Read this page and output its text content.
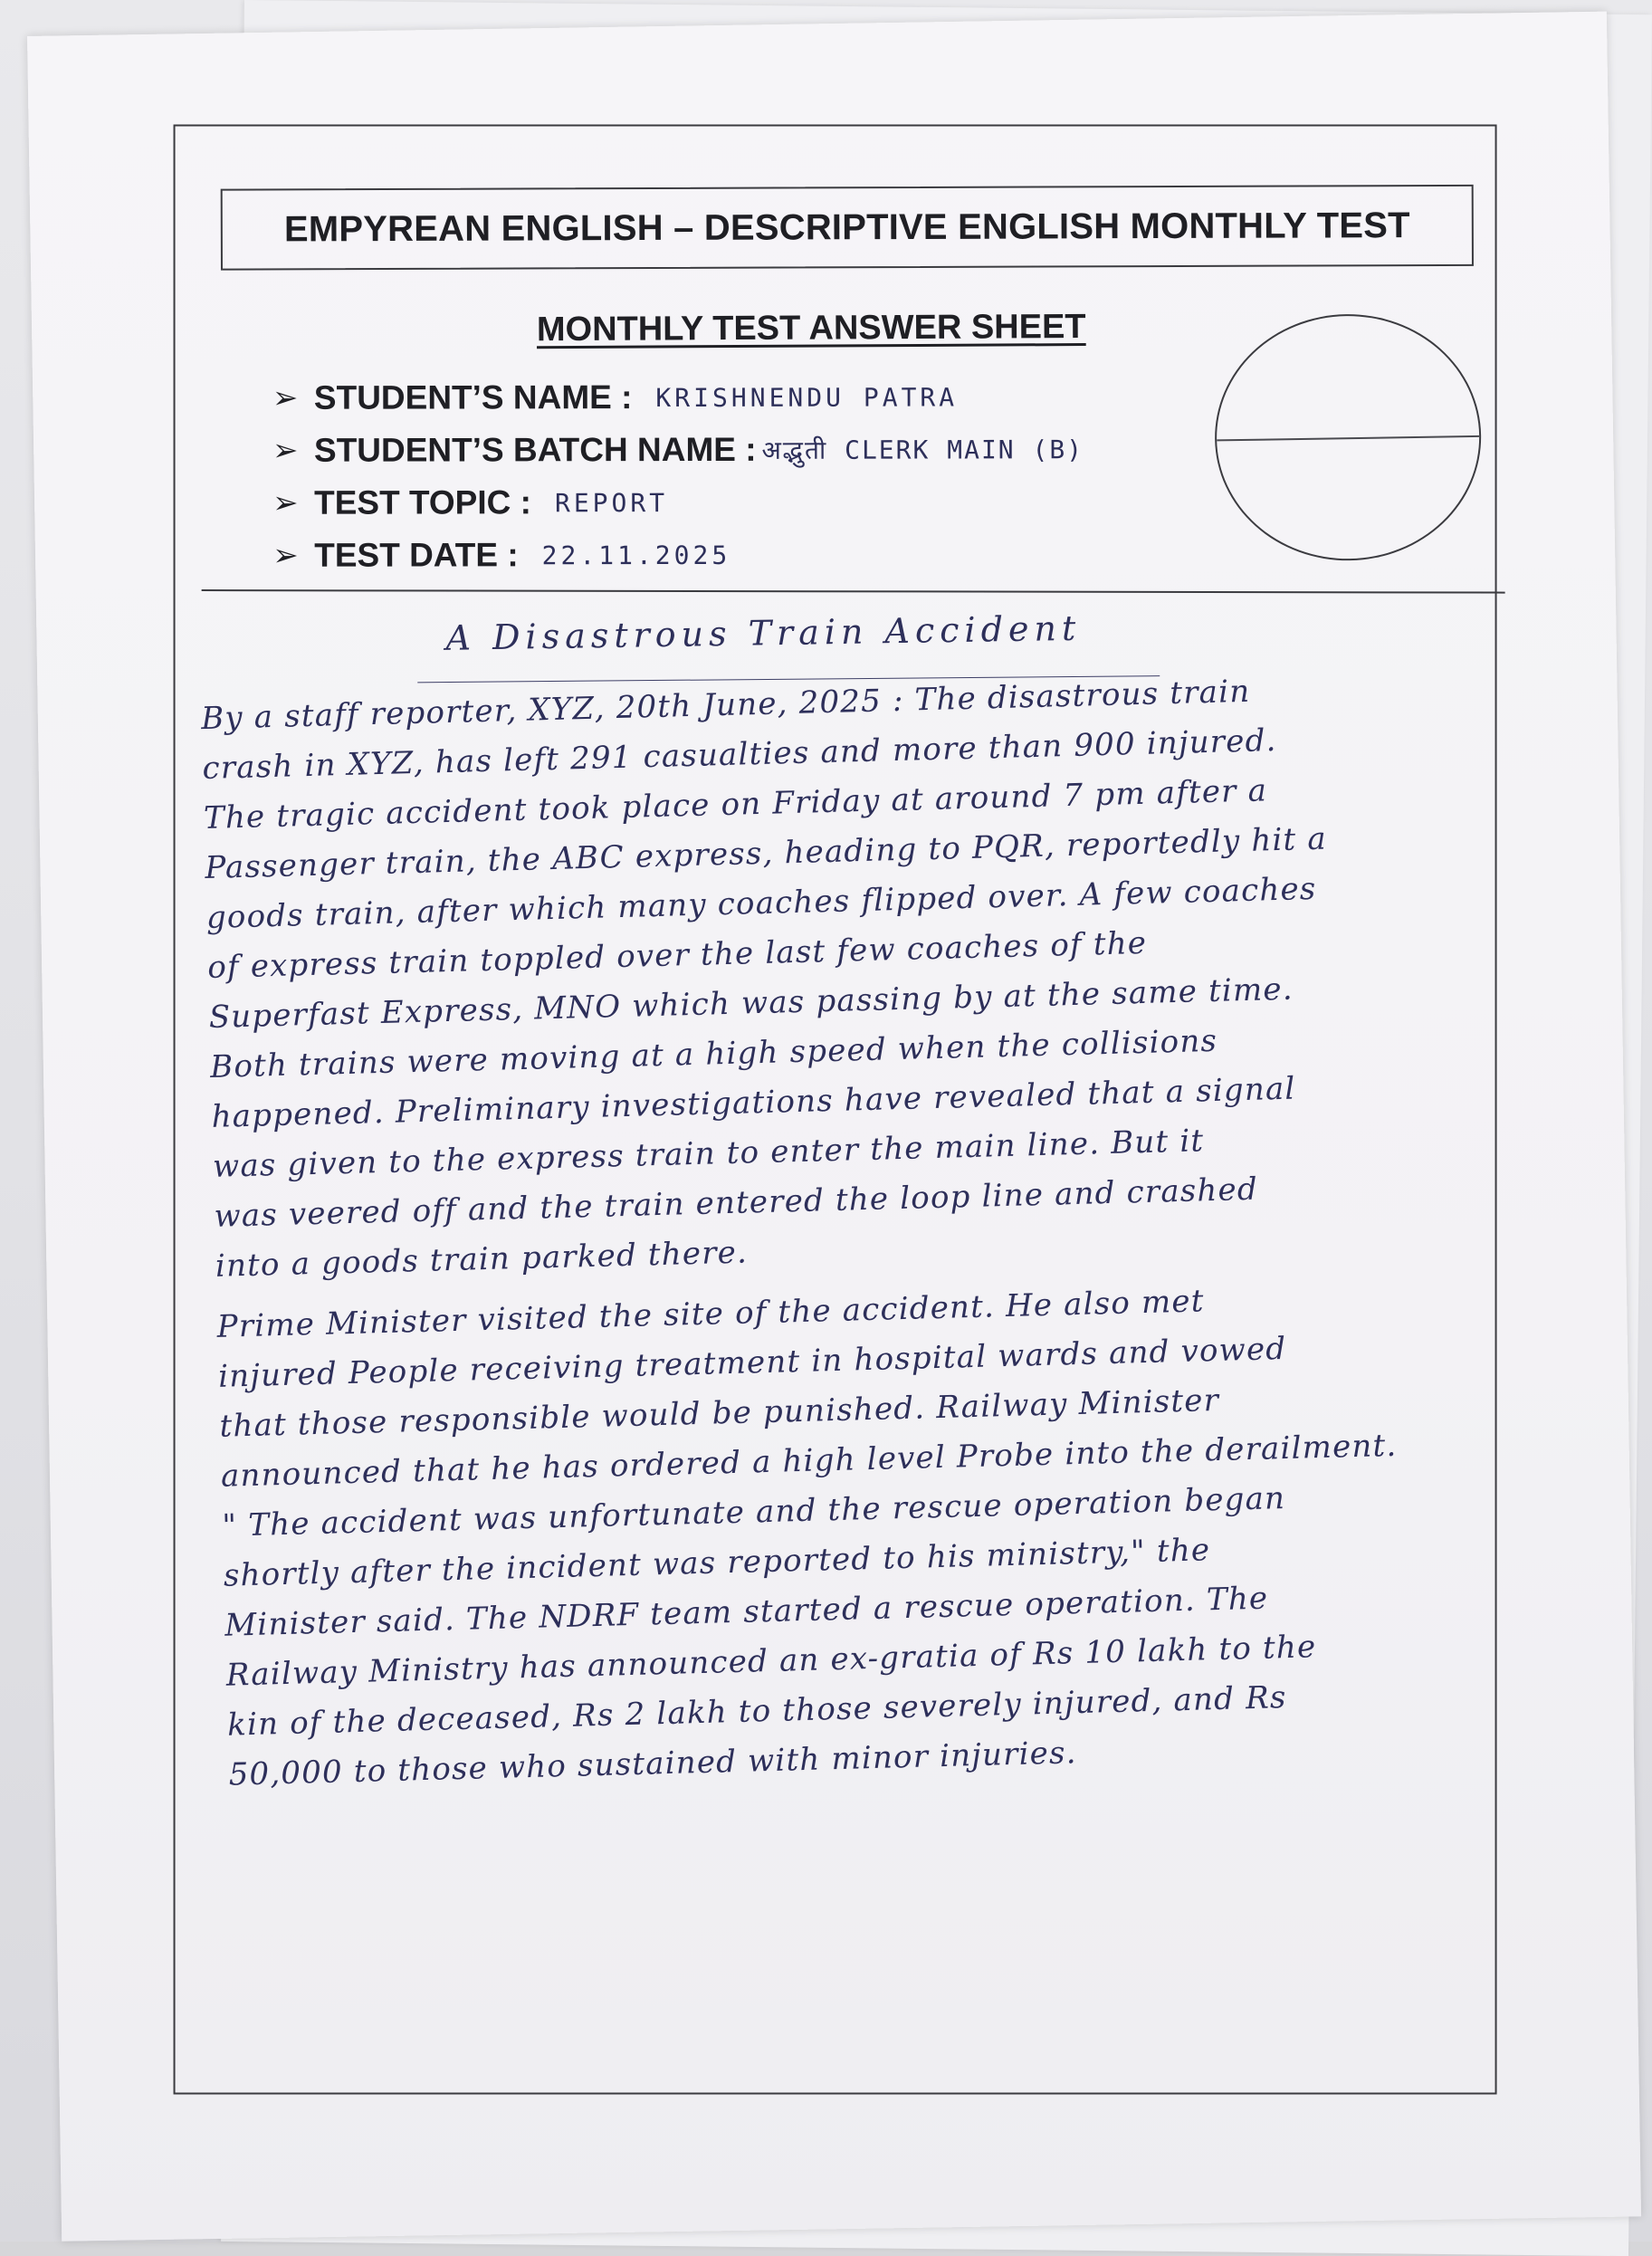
EMPYREAN ENGLISH – DESCRIPTIVE ENGLISH MONTHLY TEST
MONTHLY TEST ANSWER SHEET
➢ STUDENT’S NAME : KRISHNENDU PATRA
➢ STUDENT’S BATCH NAME : अद्भुती CLERK MAIN (B)
➢ TEST TOPIC : REPORT
➢ TEST DATE : 22.11.2025
A Disastrous Train Accident
By a staff reporter, XYZ, 20th June, 2025 : The disastrous train
crash in XYZ, has left 291 casualties and more than 900 injured.
The tragic accident took place on Friday at around 7 pm after a
Passenger train, the ABC express, heading to PQR, reportedly hit a
goods train, after which many coaches flipped over. A few coaches
of express train toppled over the last few coaches of the
Superfast Express, MNO which was passing by at the same time.
Both trains were moving at a high speed when the collisions
happened. Preliminary investigations have revealed that a signal
was given to the express train to enter the main line. But it
was veered off and the train entered the loop line and crashed
into a goods train parked there.
Prime Minister visited the site of the accident. He also met
injured People receiving treatment in hospital wards and vowed
that those responsible would be punished. Railway Minister
announced that he has ordered a high level Probe into the derailment.
" The accident was unfortunate and the rescue operation began
shortly after the incident was reported to his ministry," the
Minister said. The NDRF team started a rescue operation. The
Railway Ministry has announced an ex-gratia of Rs 10 lakh to the
kin of the deceased, Rs 2 lakh to those severely injured, and Rs
50,000 to those who sustained with minor injuries.
